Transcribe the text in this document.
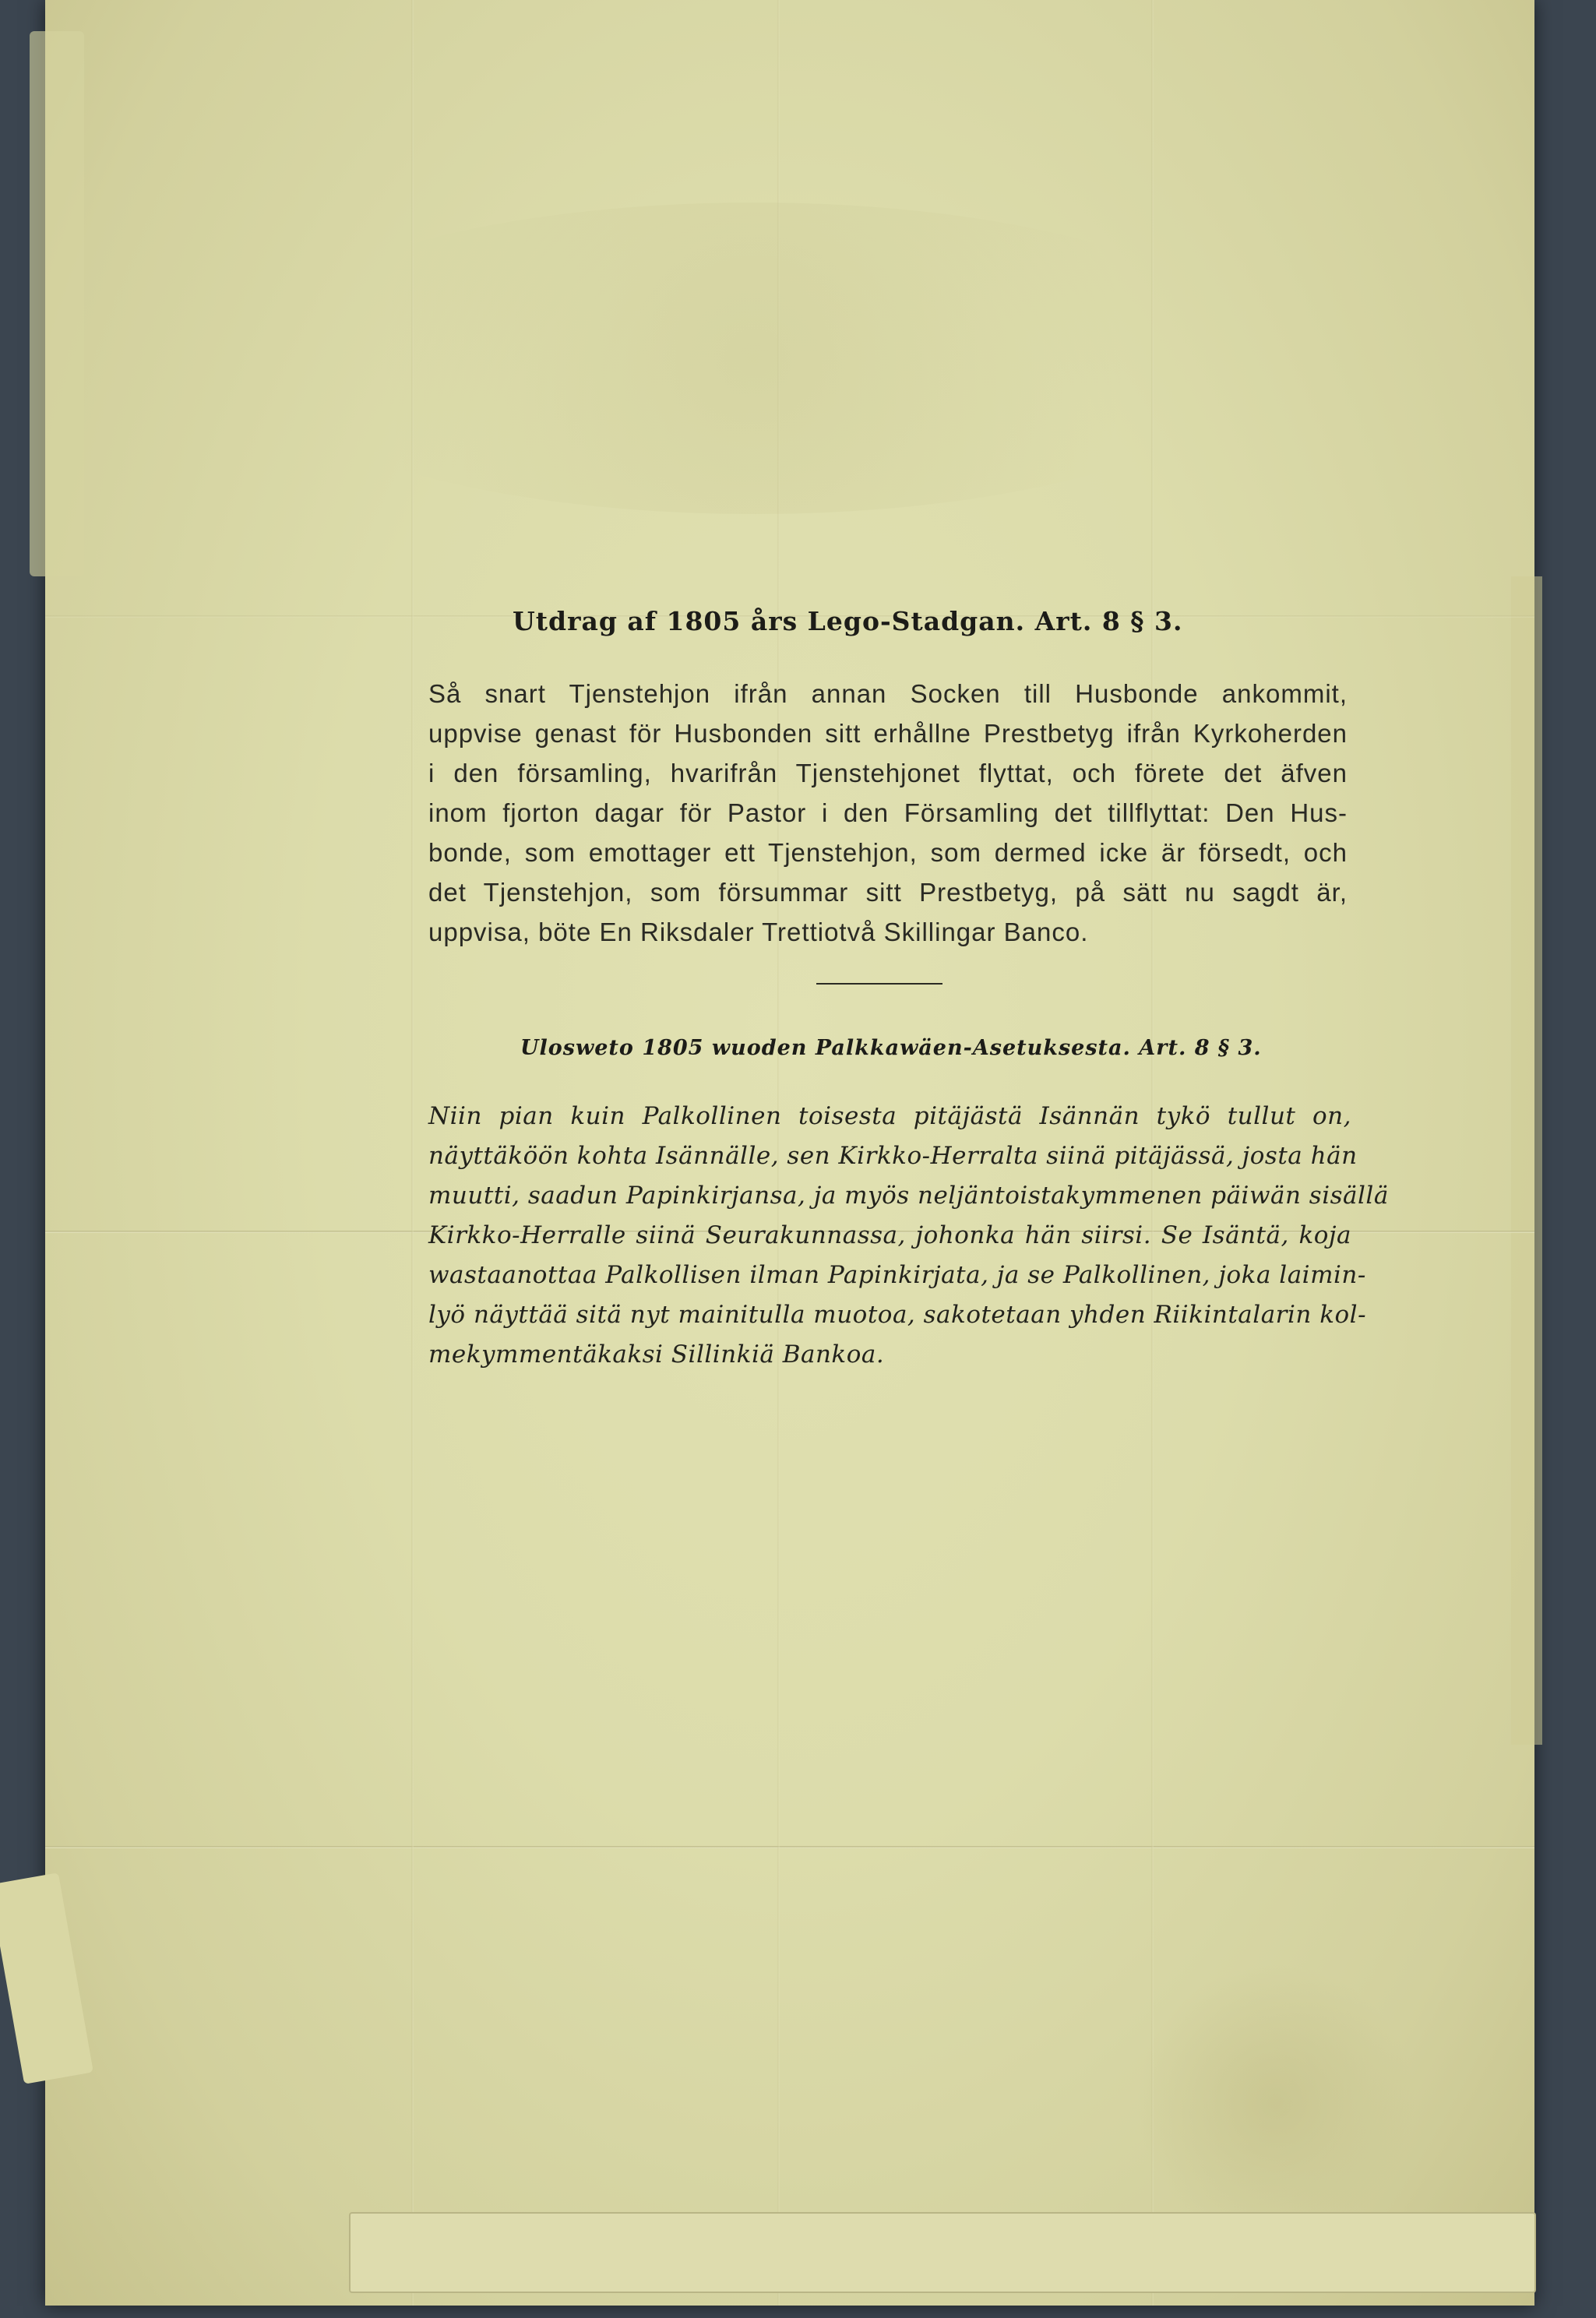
Utdrag af 1805 års Lego-Stadgan. Art. 8 § 3.
Så snart Tjenstehjon ifrån annan Socken till Husbonde ankommit,
uppvise genast för Husbonden sitt erhållne Prestbetyg ifrån Kyrkoherden
i den församling, hvarifrån Tjenstehjonet flyttat, och förete det äfven
inom fjorton dagar för Pastor i den Församling det tillflyttat: Den Hus-
bonde, som emottager ett Tjenstehjon, som dermed icke är försedt, och
det Tjenstehjon, som försummar sitt Prestbetyg, på sätt nu sagdt är,
uppvisa, böte En Riksdaler Trettiotvå Skillingar Banco.
Ulosweto 1805 wuoden Palkkawäen-Asetuksesta. Art. 8 § 3.
Niin pian kuin Palkollinen toisesta pitäjästä Isännän tykö tullut on,
näyttäköön kohta Isännälle, sen Kirkko-Herralta siinä pitäjässä, josta hän
muutti, saadun Papinkirjansa, ja myös neljäntoistakymmenen päiwän sisällä
Kirkko-Herralle siinä Seurakunnassa, johonka hän siirsi. Se Isäntä, koja
wastaanottaa Palkollisen ilman Papinkirjata, ja se Palkollinen, joka laimin-
lyö näyttää sitä nyt mainitulla muotoa, sakotetaan yhden Riikintalarin kol-
mekymmentäkaksi Sillinkiä Bankoa.
